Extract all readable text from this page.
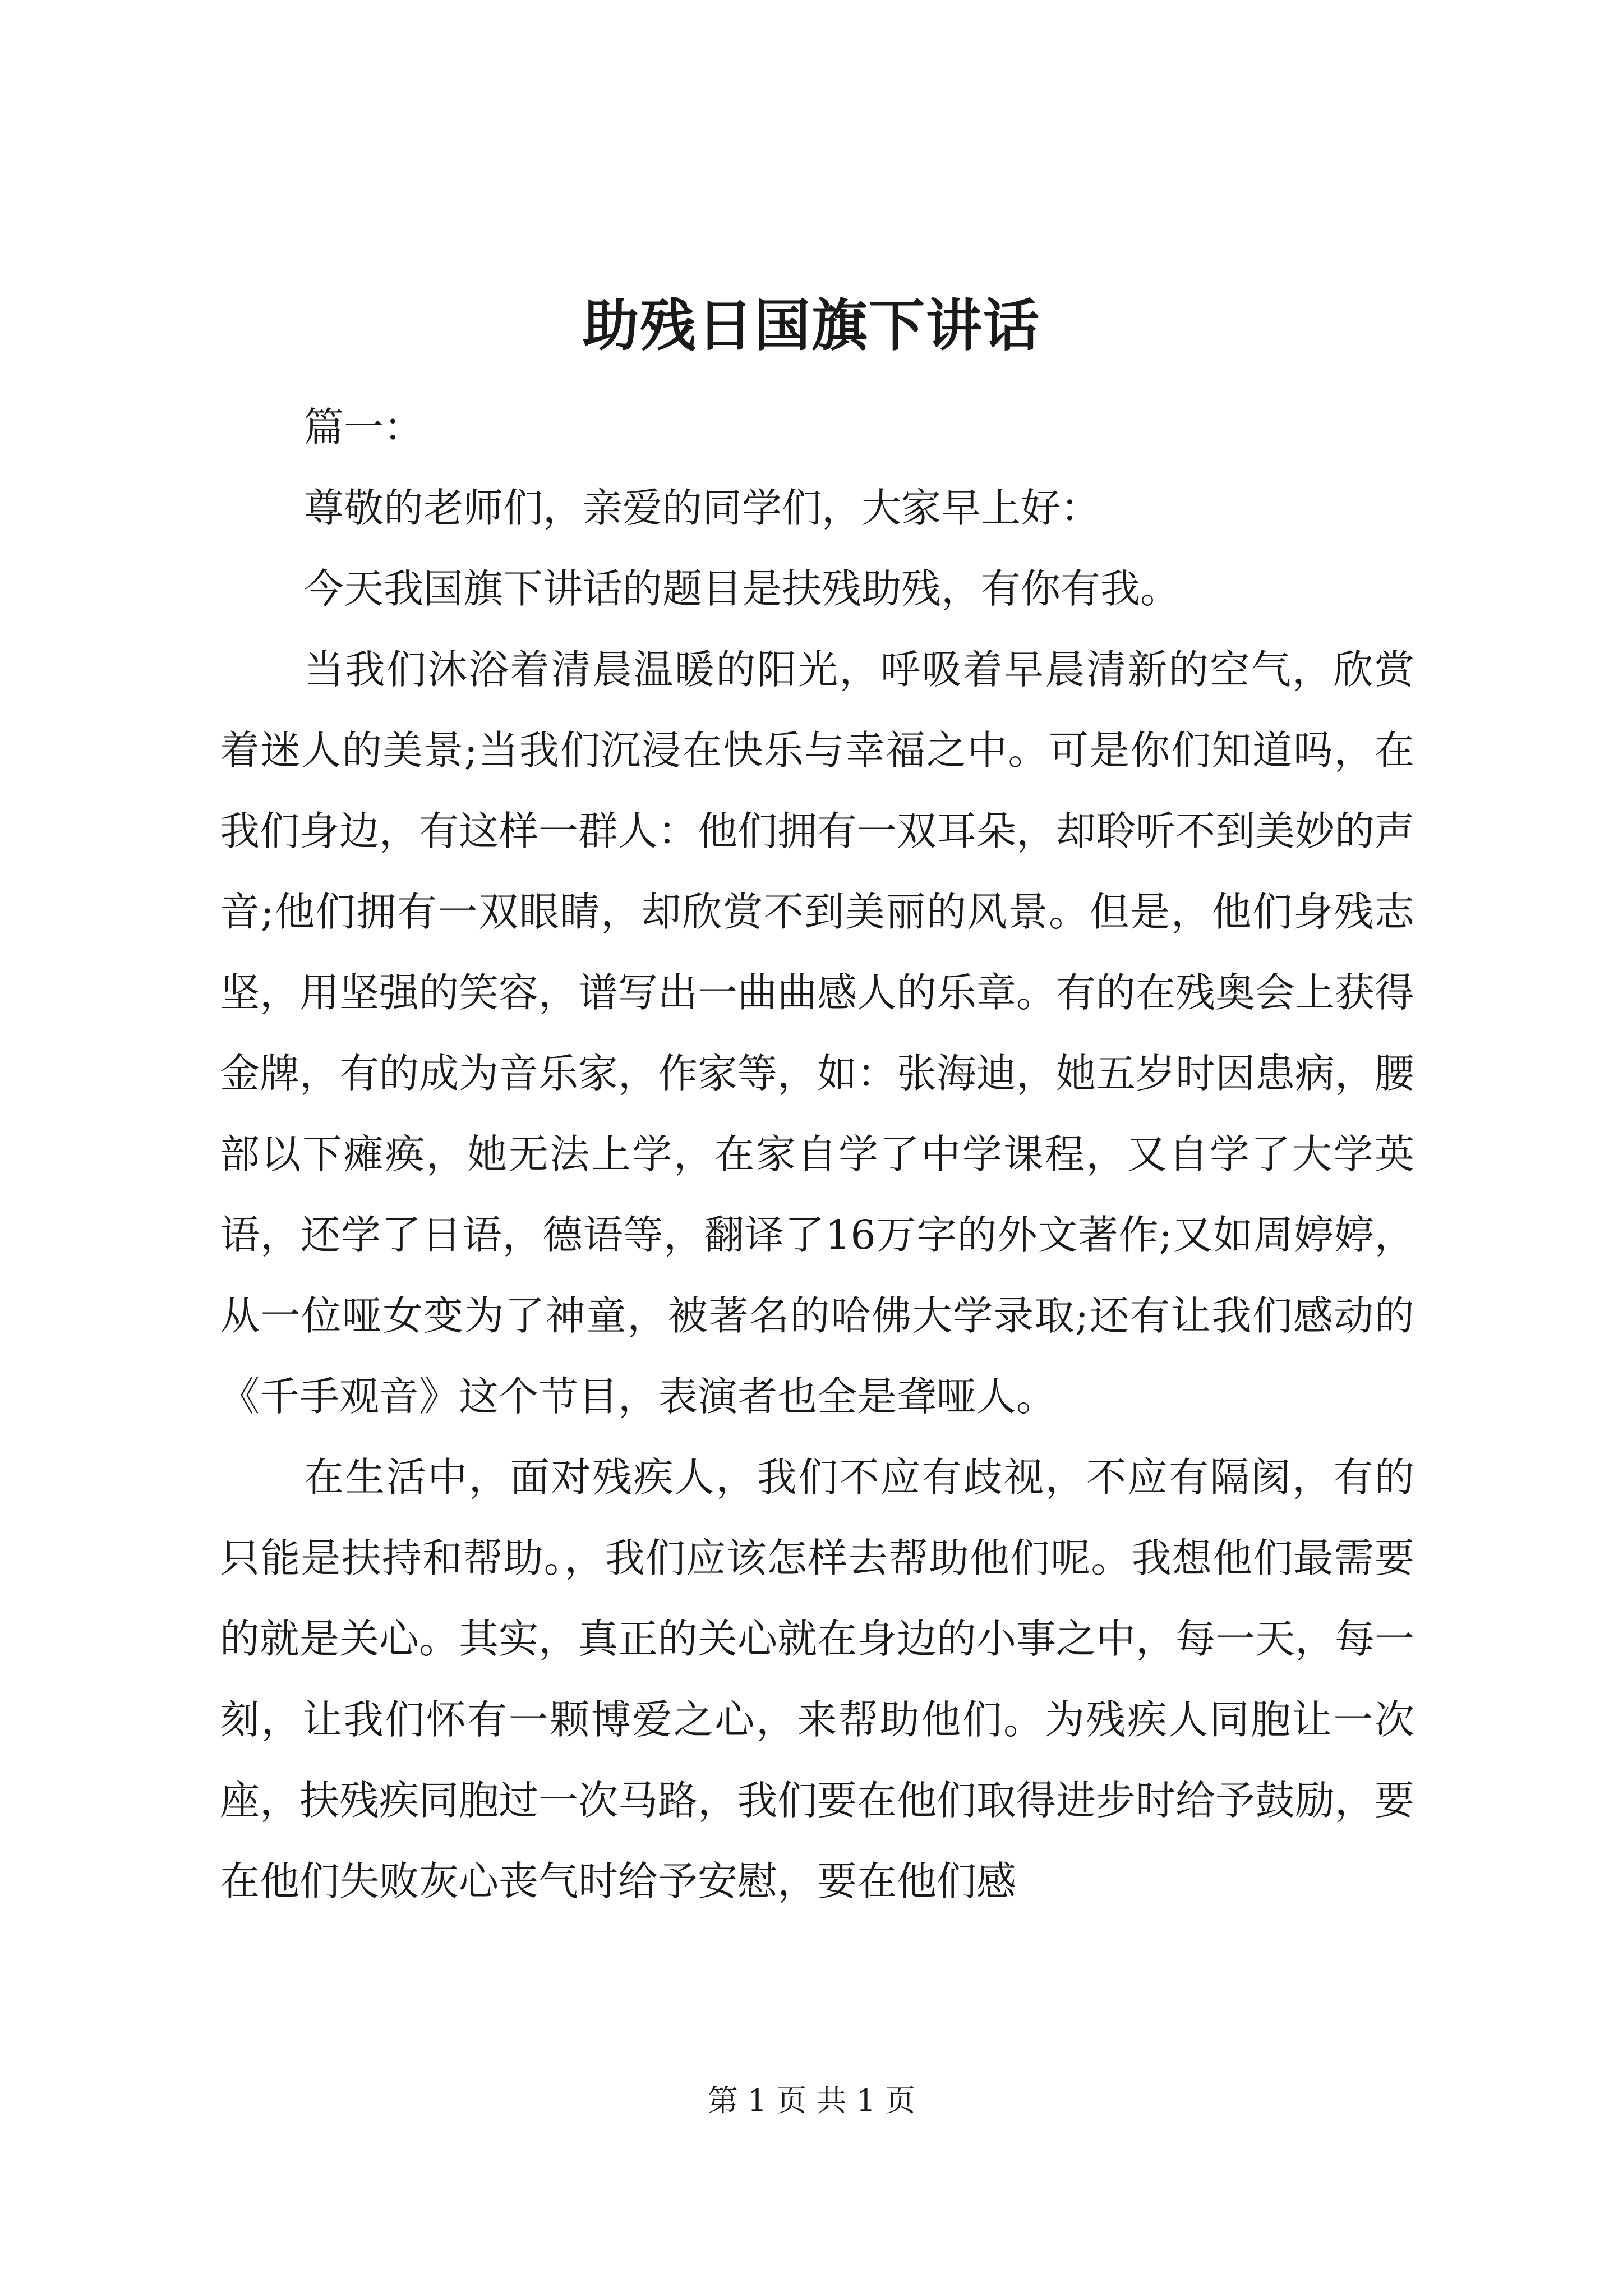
助残日国旗下讲话

篇一：

尊敬的老师们，亲爱的同学们，大家早上好：

今天我国旗下讲话的题目是扶残助残，有你有我。

当我们沐浴着清晨温暖的阳光，呼吸着早晨清新的空气，欣赏着迷人的美景;当我们沉浸在快乐与幸福之中。可是你们知道吗，在我们身边，有这样一群人：他们拥有一双耳朵，却聆听不到美妙的声音;他们拥有一双眼睛，却欣赏不到美丽的风景。但是，他们身残志坚，用坚强的笑容，谱写出一曲曲感人的乐章。有的在残奥会上获得金牌，有的成为音乐家，作家等，如：张海迪，她五岁时因患病，腰部以下瘫痪，她无法上学，在家自学了中学课程，又自学了大学英语，还学了日语，德语等，翻译了16万字的外文著作;又如周婷婷，从一位哑女变为了神童，被著名的哈佛大学录取;还有让我们感动的《千手观音》这个节目，表演者也全是聋哑人。

在生活中，面对残疾人，我们不应有歧视，不应有隔阂，有的只能是扶持和帮助。，我们应该怎样去帮助他们呢。我想他们最需要的就是关心。其实，真正的关心就在身边的小事之中，每一天，每一刻，让我们怀有一颗博爱之心，来帮助他们。为残疾人同胞让一次座，扶残疾同胞过一次马路，我们要在他们取得进步时给予鼓励，要在他们失败灰心丧气时给予安慰，要在他们感

第 1 页 共 1 页
